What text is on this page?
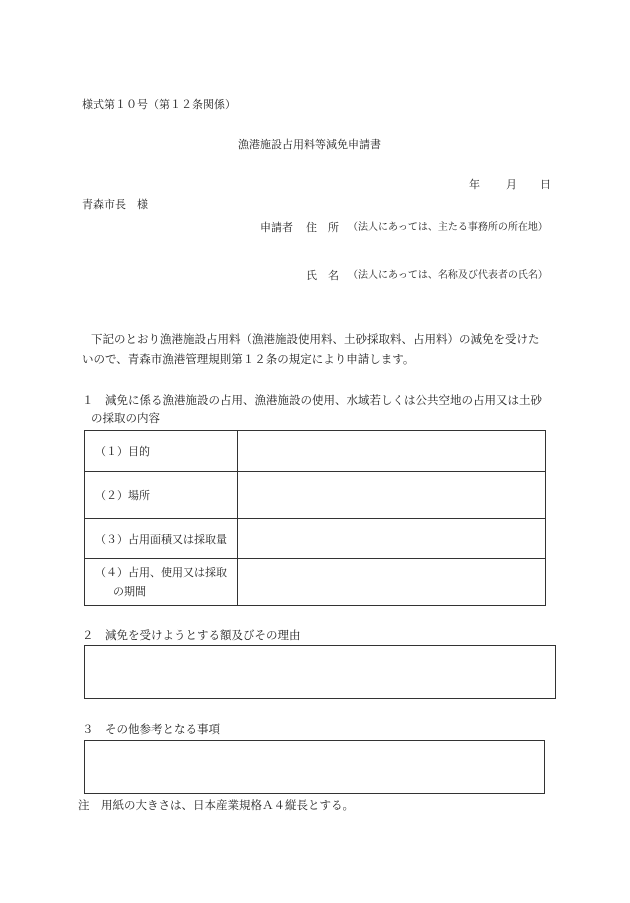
様式第１０号（第１２条関係）
漁港施設占用料等減免申請書
年 月 日
青森市長　様
申請者 住　所 （法人にあっては、主たる事務所の所在地）
氏　名 （法人にあっては、名称及び代表者の氏名）
下記のとおり漁港施設占用料（漁港施設使用料、土砂採取料、占用料）の減免を受けた
いので、青森市漁港管理規則第１２条の規定により申請します。
１　減免に係る漁港施設の占用、漁港施設の使用、水域若しくは公共空地の占用又は土砂
の採取の内容
（１）目的	
（２）場所	
（３）占用面積又は採取量	

（４）占用、使用又は採取
の期間	

２　減免を受けようとする額及びその理由
３　その他参考となる事項
注　用紙の大きさは、日本産業規格Ａ４縦長とする。
